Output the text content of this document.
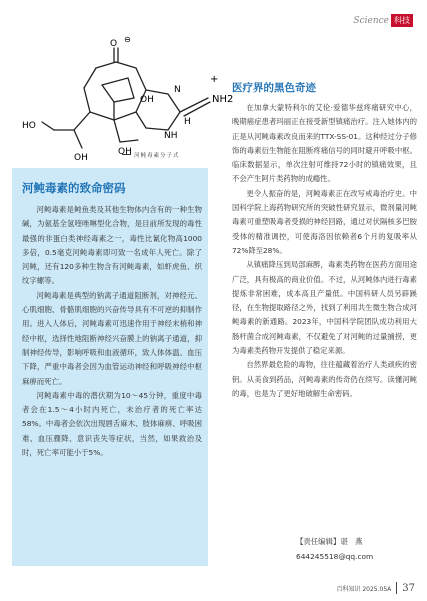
Science 科技
O ⊖
+
NH2
HO
OH
OH
OH
NH
N
H
河鲀毒素分子式
河鲀毒素的致命密码

河鲀毒素是鲀鱼类及其他生物体内含有的一种生物碱，为氨基全氢喹唑啉型化合物，是目前所发现的毒性最强的非蛋白类神经毒素之一，毒性比氰化物高1000多倍，0.5毫克河鲀毒素即可致一名成年人死亡。除了河鲀，还有120多种生物含有河鲀毒素，如虾虎鱼、织纹字螺等。

河鲀毒素是典型的钠离子通道阻断剂，对神经元、心肌细胞、骨骼肌细胞的兴奋传导具有不可逆的抑制作用。进入人体后，河鲀毒素可迅速作用于神经末梢和神经中枢，选择性地阻断神经兴奋膜上的钠离子通道，抑制神经传导，影响呼吸和血液循环，致人体体温、血压下降，严重中毒者会因为血管运动神经和呼吸神经中枢麻痹而死亡。

河鲀毒素中毒的潜伏期为10～45分钟，重度中毒者会在1.5～4小时内死亡，未治疗者的死亡率达58%。中毒者会依次出现唇舌麻木、肢体麻痹、呼吸困难、血压骤降、意识丧失等症状，当然，如果救治及时，死亡率可能小于5%。

医疗界的黑色奇迹

在加拿大蒙特利尔的艾伦·爱德华兹疼痛研究中心，晚期癌症患者玛丽正在接受新型镇痛治疗。注入她体内的正是从河鲀毒素改良而来的TTX-SS-01。这种经过分子修饰的毒素衍生物能在阻断疼痛信号的同时避开呼吸中枢。临床数据显示，单次注射可维持72小时的镇痛效果，且不会产生阿片类药物的成瘾性。

更令人振奋的是，河鲀毒素正在改写戒毒治疗史。中国科学院上海药物研究所的突破性研究显示，微剂量河鲀毒素可重塑吸毒者受损的神经回路，通过对伏隔核多巴胺受体的精准调控，可使海洛因依赖者6个月的复吸率从72%降至28%。

从镇痛降压到局部麻醉，毒素类药物在医药方面用途广泛，具有极高的商业价值。不过，从河鲀体内进行毒素提炼非常困难，成本高且产量低。中国科研人员另辟蹊径，在生物提取路径之外，找到了利用共生微生物合成河鲀毒素的新通路。2023年，中国科学院团队成功利用大肠杆菌合成河鲀毒素，不仅避免了对河鲀的过量捕捞，更为毒素类药物开发提供了稳定来源。

自然界最危险的毒物，往往蕴藏着治疗人类顽疾的密钥。从美食到药品，河鲀毒素的传奇仍在续写。读懂河鲀的毒，也是为了更好地破解生命密码。

【责任编辑】谌　燕
644245518@qq.com
百科知识 2025.05A 37
